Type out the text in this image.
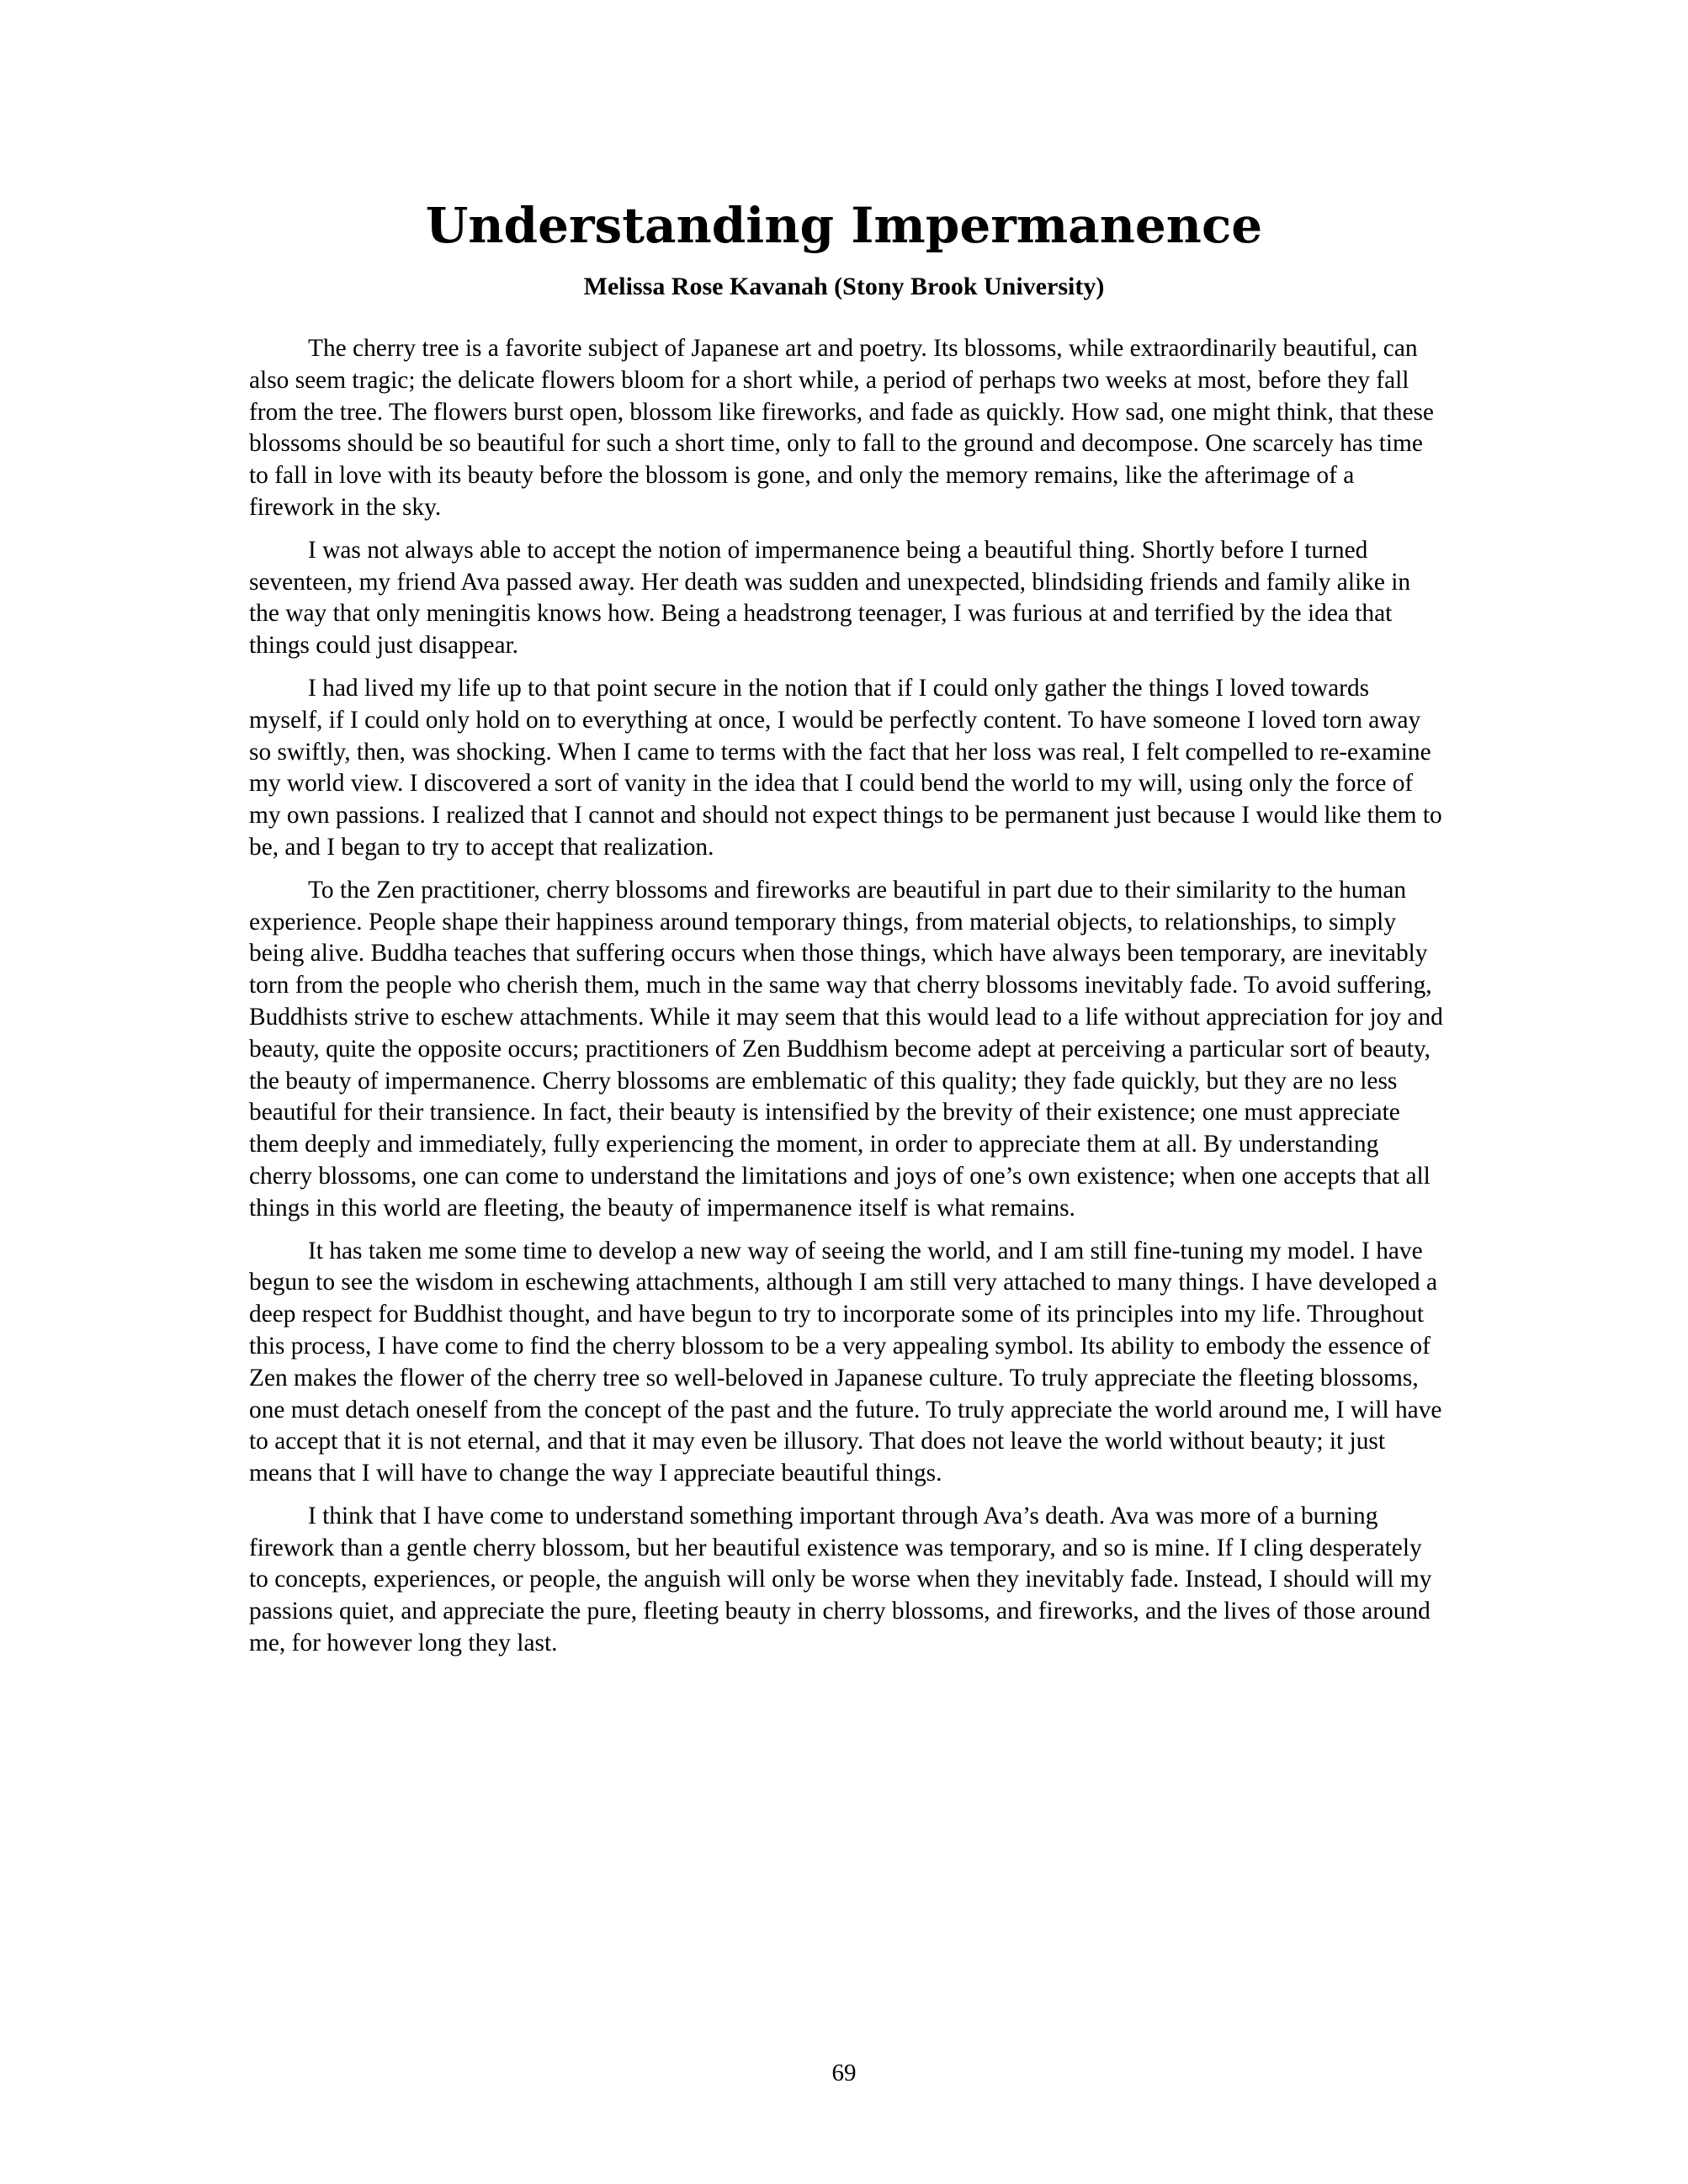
Understanding Impermanence
Melissa Rose Kavanah (Stony Brook University)

The cherry tree is a favorite subject of Japanese art and poetry. Its blossoms, while extraordinarily beautiful, can also seem tragic; the delicate flowers bloom for a short while, a period of perhaps two weeks at most, before they fall from the tree. The flowers burst open, blossom like fireworks, and fade as quickly. How sad, one might think, that these blossoms should be so beautiful for such a short time, only to fall to the ground and decompose. One scarcely has time to fall in love with its beauty before the blossom is gone, and only the memory remains, like the afterimage of a firework in the sky.

I was not always able to accept the notion of impermanence being a beautiful thing. Shortly before I turned seventeen, my friend Ava passed away. Her death was sudden and unexpected, blindsiding friends and family alike in the way that only meningitis knows how. Being a headstrong teenager, I was furious at and terrified by the idea that things could just disappear.

I had lived my life up to that point secure in the notion that if I could only gather the things I loved towards myself, if I could only hold on to everything at once, I would be perfectly content. To have someone I loved torn away so swiftly, then, was shocking. When I came to terms with the fact that her loss was real, I felt compelled to re-examine my world view. I discovered a sort of vanity in the idea that I could bend the world to my will, using only the force of my own passions. I realized that I cannot and should not expect things to be permanent just because I would like them to be, and I began to try to accept that realization.

To the Zen practitioner, cherry blossoms and fireworks are beautiful in part due to their similarity to the human experience. People shape their happiness around temporary things, from material objects, to relationships, to simply being alive. Buddha teaches that suffering occurs when those things, which have always been temporary, are inevitably torn from the people who cherish them, much in the same way that cherry blossoms inevitably fade. To avoid suffering, Buddhists strive to eschew attachments. While it may seem that this would lead to a life without appreciation for joy and beauty, quite the opposite occurs; practitioners of Zen Buddhism become adept at perceiving a particular sort of beauty, the beauty of impermanence. Cherry blossoms are emblematic of this quality; they fade quickly, but they are no less beautiful for their transience. In fact, their beauty is intensified by the brevity of their existence; one must appreciate them deeply and immediately, fully experiencing the moment, in order to appreciate them at all. By understanding cherry blossoms, one can come to understand the limitations and joys of one’s own existence; when one accepts that all things in this world are fleeting, the beauty of impermanence itself is what remains.

It has taken me some time to develop a new way of seeing the world, and I am still fine-tuning my model. I have begun to see the wisdom in eschewing attachments, although I am still very attached to many things. I have developed a deep respect for Buddhist thought, and have begun to try to incorporate some of its principles into my life. Throughout this process, I have come to find the cherry blossom to be a very appealing symbol. Its ability to embody the essence of Zen makes the flower of the cherry tree so well-beloved in Japanese culture. To truly appreciate the fleeting blossoms, one must detach oneself from the concept of the past and the future. To truly appreciate the world around me, I will have to accept that it is not eternal, and that it may even be illusory. That does not leave the world without beauty; it just means that I will have to change the way I appreciate beautiful things.

I think that I have come to understand something important through Ava’s death. Ava was more of a burning firework than a gentle cherry blossom, but her beautiful existence was temporary, and so is mine. If I cling desperately to concepts, experiences, or people, the anguish will only be worse when they inevitably fade. Instead, I should will my passions quiet, and appreciate the pure, fleeting beauty in cherry blossoms, and fireworks, and the lives of those around me, for however long they last.

69
